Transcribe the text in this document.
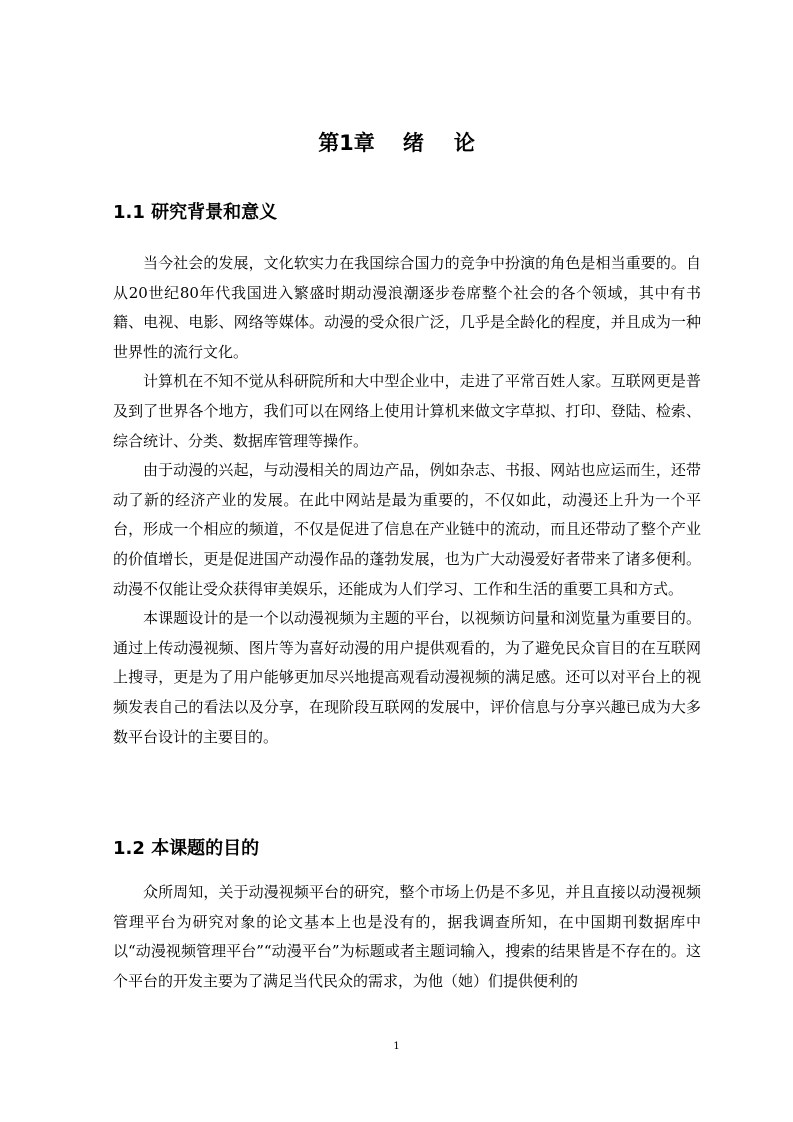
第1章 绪 论
1.1 研究背景和意义

当今社会的发展，文化软实力在我国综合国力的竞争中扮演的角色是相当重要的。自从20世纪80年代我国进入繁盛时期动漫浪潮逐步卷席整个社会的各个领域，其中有书籍、电视、电影、网络等媒体。动漫的受众很广泛，几乎是全龄化的程度，并且成为一种世界性的流行文化。

计算机在不知不觉从科研院所和大中型企业中，走进了平常百姓人家。互联网更是普及到了世界各个地方，我们可以在网络上使用计算机来做文字草拟、打印、登陆、检索、综合统计、分类、数据库管理等操作。

由于动漫的兴起，与动漫相关的周边产品，例如杂志、书报、网站也应运而生，还带动了新的经济产业的发展。在此中网站是最为重要的，不仅如此，动漫还上升为一个平台，形成一个相应的频道，不仅是促进了信息在产业链中的流动，而且还带动了整个产业的价值增长，更是促进国产动漫作品的蓬勃发展，也为广大动漫爱好者带来了诸多便利。动漫不仅能让受众获得审美娱乐，还能成为人们学习、工作和生活的重要工具和方式。

本课题设计的是一个以动漫视频为主题的平台，以视频访问量和浏览量为重要目的。通过上传动漫视频、图片等为喜好动漫的用户提供观看的，为了避免民众盲目的在互联网上搜寻，更是为了用户能够更加尽兴地提高观看动漫视频的满足感。还可以对平台上的视频发表自己的看法以及分享，在现阶段互联网的发展中，评价信息与分享兴趣已成为大多数平台设计的主要目的。

1.2 本课题的目的

众所周知，关于动漫视频平台的研究，整个市场上仍是不多见，并且直接以动漫视频管理平台为研究对象的论文基本上也是没有的，据我调查所知，在中国期刊数据库中以“动漫视频管理平台”“动漫平台”为标题或者主题词输入，搜索的结果皆是不存在的。这个平台的开发主要为了满足当代民众的需求，为他（她）们提供便利的

1
